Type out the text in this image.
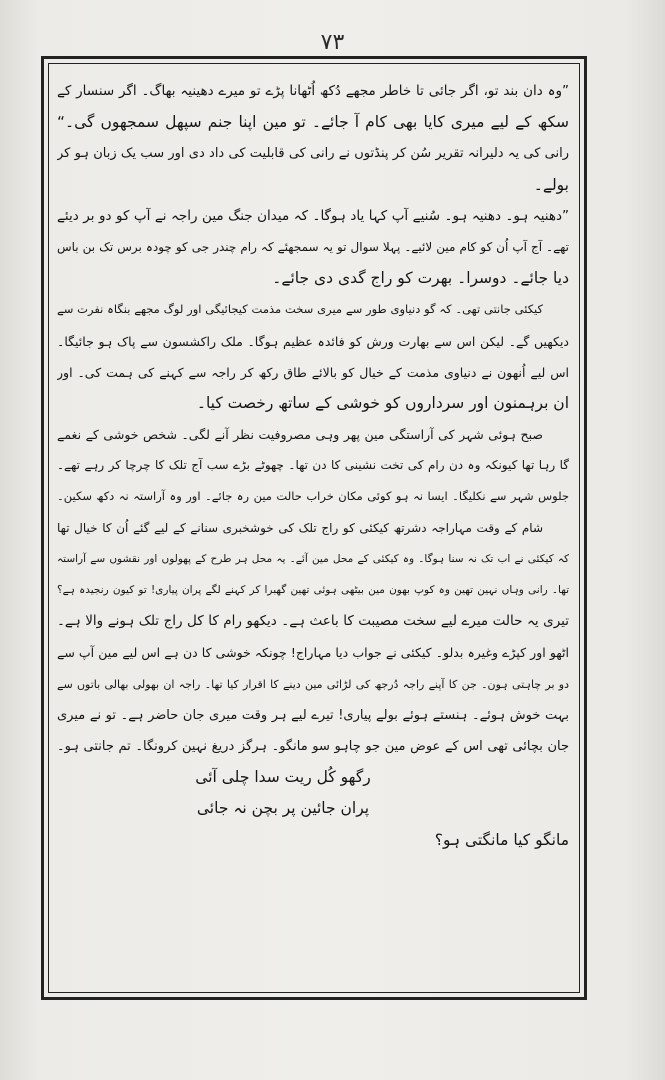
۷۳
”وہ دان بند تو، اگر جائی تا خاطر مجھے دُکھ اُٹھانا پڑے تو میرے دھینیہ بھاگ۔ اگر سنسار کے
سکھ کے لیے میری کایا بھی کام آ جائے۔ تو مین اپنا جنم سپھل سمجھوں گی۔“
رانی کی یہ دلیرانہ تقریر سُن کر پنڈتوں نے رانی کی قابلیت کی داد دی اور سب یک زبان ہو کر
بولے۔
”دھنیہ ہو۔ دھنیہ ہو۔ سُنیے آپ کہا یاد ہوگا۔ کہ میدان جنگ مین راجہ نے آپ کو دو بر دیئے
تھے۔ آج آپ اُن کو کام مین لائیے۔ پہلا سوال تو یہ سمجھئے کہ رام چندر جی کو چودہ برس تک بن باس
دیا جائے۔ دوسرا۔ بھرت کو راج گدی دی جائے۔
کیکئی جانتی تھی۔ کہ گو دنیاوی طور سے میری سخت مذمت کیجائیگی اور لوگ مجھے بنگاہ نفرت سے
دیکھیں گے۔ لیکن اس سے بھارت ورش کو فائدہ عظیم ہوگا۔ ملک راکشسون سے پاک ہو جائیگا۔
اس لیے اُنھون نے دنیاوی مذمت کے خیال کو بالائے طاق رکھ کر راجہ سے کہنے کی ہمت کی۔ اور
ان برہمنون اور سرداروں کو خوشی کے ساتھ رخصت کیا۔
صبح ہوئی شہر کی آراستگی مین پھر وہی مصروفیت نظر آنے لگی۔ شخص خوشی کے نغمے
گا رہا تھا کیونکہ وہ دن رام کی تخت نشینی کا دن تھا۔ چھوٹے بڑے سب آج تلک کا چرچا کر رہے تھے۔
جلوس شہر سے نکلیگا۔ ایسا نہ ہو کوئی مکان خراب حالت مین رہ جائے۔ اور وہ آراستہ نہ دکھ سکین۔
شام کے وقت مہاراجہ دشرتھ کیکئی کو راج تلک کی خوشخبری سنانے کے لیے گئے اُن کا خیال تھا
کہ کیکئی نے اب تک نہ سنا ہوگا۔ وہ کیکئی کے محل مین آئے۔ یہ محل ہر طرح کے پھولوں اور نقشوں سے آراستہ
تھا۔ رانی وہاں نہین تھین وہ کوپ بھون مین بیٹھی ہوئی تھین گھبرا کر کہنے لگے پران پیاری! تو کیون رنجیدہ ہے؟
تیری یہ حالت میرے لیے سخت مصیبت کا باعث ہے۔ دیکھو رام کا کل راج تلک ہونے والا ہے۔
اٹھو اور کپڑے وغیرہ بدلو۔ کیکئی نے جواب دیا مہاراج! چونکہ خوشی کا دن ہے اس لیے مین آپ سے
دو بر چاہتی ہون۔ جن کا آپنے راجہ دُرجھ کی لڑائی مین دینے کا اقرار کیا تھا۔ راجہ ان بھولی بھالی باتوں سے
بہت خوش ہوئے۔ ہنستے ہوئے بولے پیاری! تیرے لیے ہر وقت میری جان حاضر ہے۔ تو نے میری
جان بچائی تھی اس کے عوض مین جو چاہو سو مانگو۔ ہرگز دریغ نہین کرونگا۔ تم جانتی ہو۔
رگھو کُل ریت سدا چلی آئی
پران جائین پر بچن نہ جائی
مانگو کیا مانگتی ہو؟
